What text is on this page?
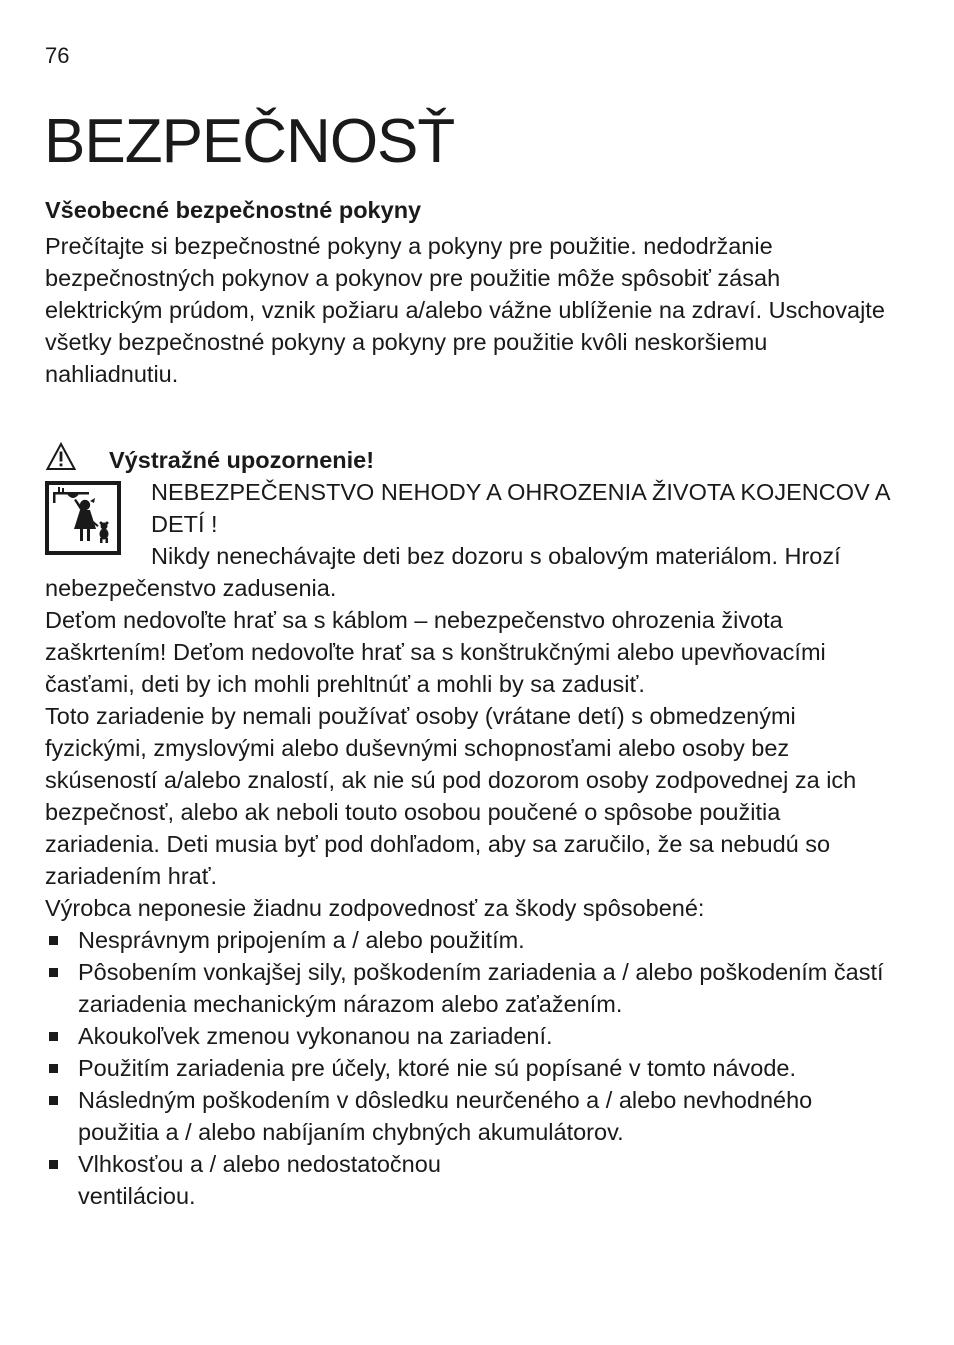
76
BEZPEČNOSŤ

Všeobecné bezpečnostné pokyny

Prečítajte si bezpečnostné pokyny a pokyny pre použitie. nedodržanie bezpečnostných pokynov a pokynov pre použitie môže spôsobiť zásah elektrickým prúdom, vznik požiaru a/alebo vážne ublíženie na zdraví. Uschovajte všetky bezpečnostné pokyny a pokyny pre použitie kvôli neskoršiemu nahliadnutiu.

Výstražné upozornenie!

NEBEZPEČENSTVO NEHODY A OHROZENIA ŽIVOTA KOJENCOV A DETÍ !

Nikdy nenechávajte deti bez dozoru s obalovým materiálom. Hrozí nebezpečenstvo zadusenia.

Deťom nedovoľte hrať sa s káblom – nebezpečenstvo ohrozenia života zaškrtením! Deťom nedovoľte hrať sa s konštrukčnými alebo upevňovacími časťami, deti by ich mohli prehltnúť a mohli by sa zadusiť.

Toto zariadenie by nemali používať osoby (vrátane detí) s obmedzenými fyzickými, zmyslovými alebo duševnými schopnosťami alebo osoby bez skúseností a/alebo znalostí, ak nie sú pod dozorom osoby zodpovednej za ich bezpečnosť, alebo ak neboli touto osobou poučené o spôsobe použitia zariadenia. Deti musia byť pod dohľadom, aby sa zaručilo, že sa nebudú so zariadením hrať.

Výrobca neponesie žiadnu zodpovednosť za škody spôsobené:

Nesprávnym pripojením a / alebo použitím.
Pôsobením vonkajšej sily, poškodením zariadenia a / alebo poškodením častí zariadenia mechanickým nárazom alebo zaťažením.
Akoukoľvek zmenou vykonanou na zariadení.
Použitím zariadenia pre účely, ktoré nie sú popísané v tomto návode.
Následným poškodením v dôsledku neurčeného a / alebo nevhodného použitia a / alebo nabíjaním chybných akumulátorov.
Vlhkosťou a / alebo nedostatočnou ventiláciou.
